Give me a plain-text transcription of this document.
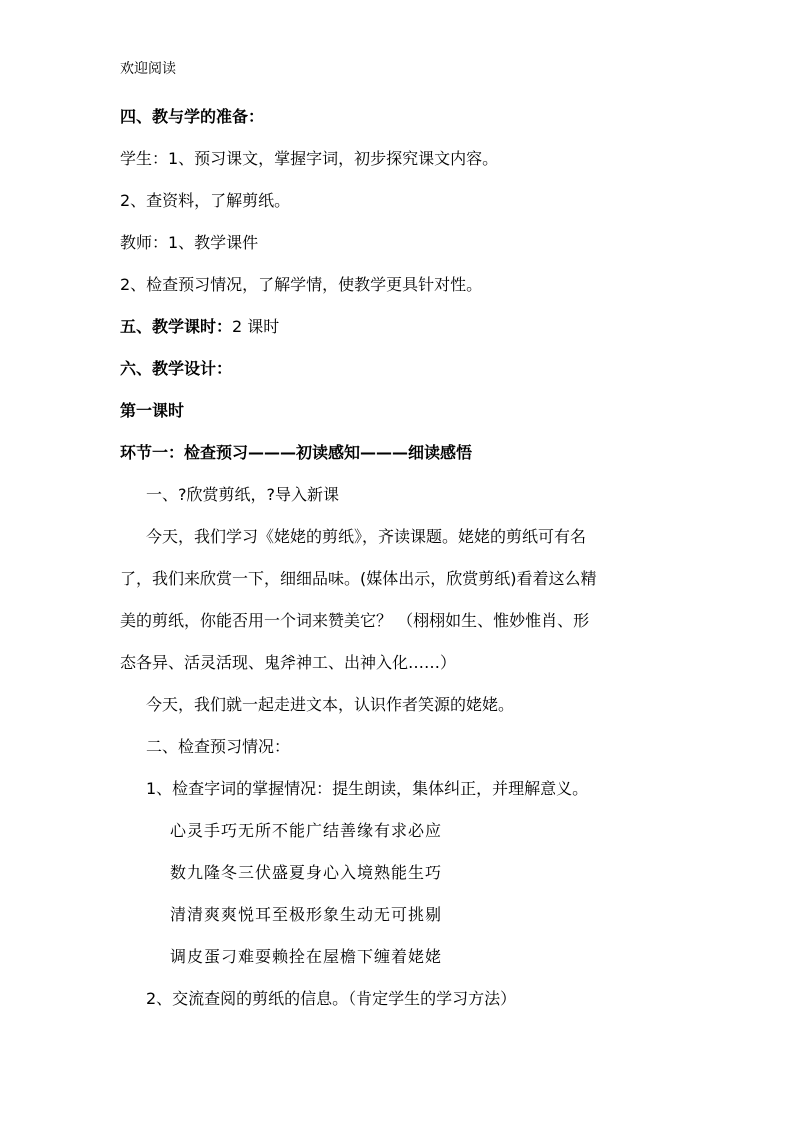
欢迎阅读
四、教与学的准备：
学生：1、预习课文，掌握字词，初步探究课文内容。
2、查资料，了解剪纸。
教师：1、教学课件
2、检查预习情况，了解学情，使教学更具针对性。
五、教学课时：2 课时
六、教学设计：
第一课时
环节一：检查预习———初读感知———细读感悟
一、?欣赏剪纸，?导入新课
今天，我们学习《姥姥的剪纸》，齐读课题。姥姥的剪纸可有名
了，我们来欣赏一下，细细品味。(媒体出示，欣赏剪纸)看着这么精
美的剪纸，你能否用一个词来赞美它？ （栩栩如生、惟妙惟肖、形
态各异、活灵活现、鬼斧神工、出神入化……）
今天，我们就一起走进文本，认识作者笑源的姥姥。
二、检查预习情况：
1、检查字词的掌握情况：提生朗读，集体纠正，并理解意义。
心灵手巧无所不能广结善缘有求必应
数九隆冬三伏盛夏身心入境熟能生巧
清清爽爽悦耳至极形象生动无可挑剔
调皮蛋刁难耍赖拴在屋檐下缠着姥姥
2、交流查阅的剪纸的信息。（肯定学生的学习方法）
